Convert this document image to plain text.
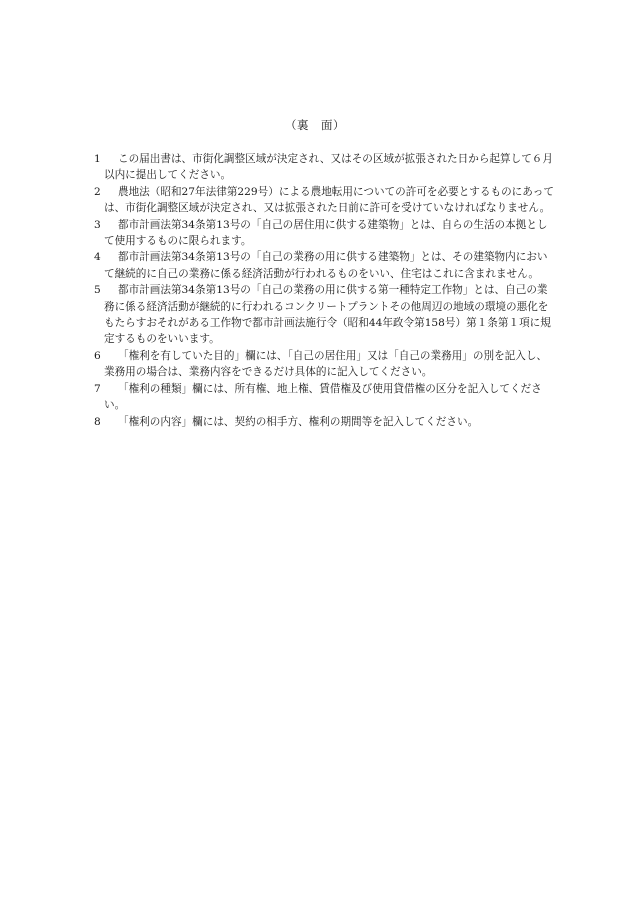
（裏　面）
1 この届出書は、市街化調整区域が決定され、又はその区域が拡張された日から起算して６月以内に提出してください。
2 農地法（昭和27年法律第229号）による農地転用についての許可を必要とするものにあっては、市街化調整区域が決定され、又は拡張された日前に許可を受けていなければなりません。
3 都市計画法第34条第13号の「自己の居住用に供する建築物」とは、自らの生活の本拠として使用するものに限られます。
4 都市計画法第34条第13号の「自己の業務の用に供する建築物」とは、その建築物内において継続的に自己の業務に係る経済活動が行われるものをいい、住宅はこれに含まれません。
5 都市計画法第34条第13号の「自己の業務の用に供する第一種特定工作物」とは、自己の業務に係る経済活動が継続的に行われるコンクリートプラントその他周辺の地域の環境の悪化をもたらすおそれがある工作物で都市計画法施行令（昭和44年政令第158号）第１条第１項に規定するものをいいます。
6 「権利を有していた目的」欄には、「自己の居住用」又は「自己の業務用」の別を記入し、業務用の場合は、業務内容をできるだけ具体的に記入してください。
7 「権利の種類」欄には、所有権、地上権、賃借権及び使用貸借権の区分を記入してください。
8 「権利の内容」欄には、契約の相手方、権利の期間等を記入してください。
